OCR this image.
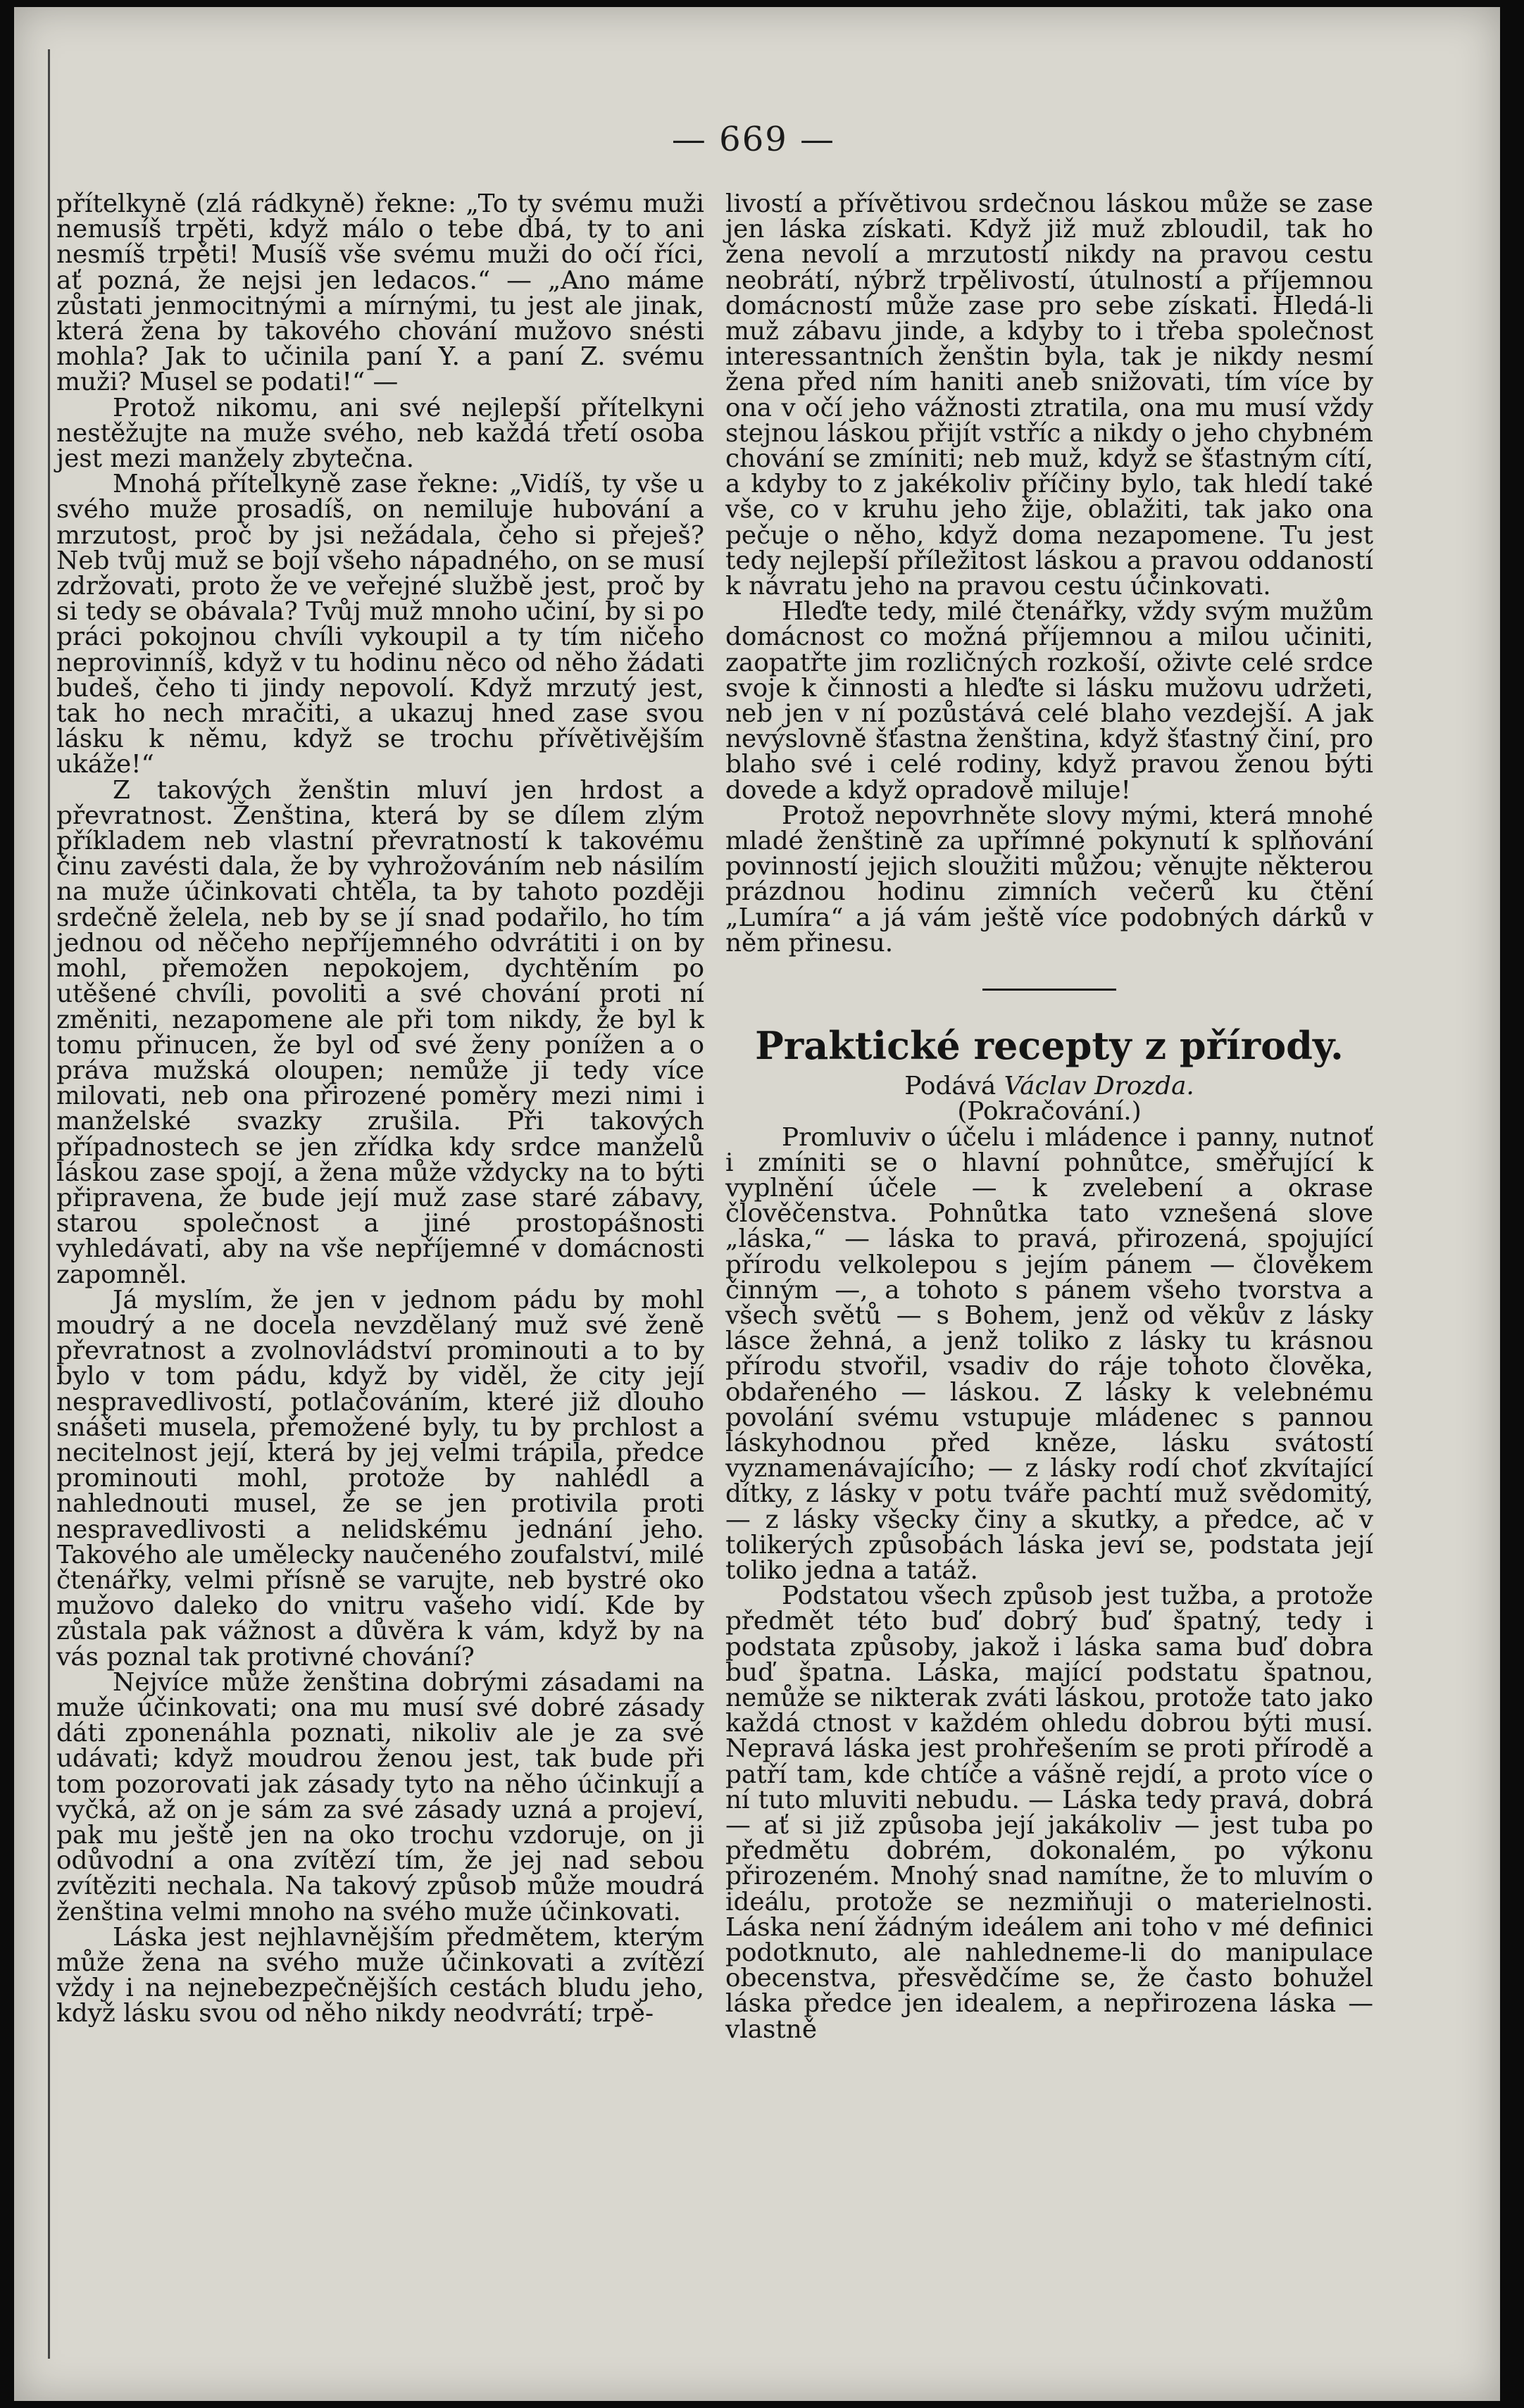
— 669 —

přítelkyně (zlá rádkyně) řekne: „To ty svému muži nemusíš trpěti, když málo o tebe dbá, ty to ani nesmíš trpěti! Musíš vše svému muži do očí říci, ať pozná, že nejsi jen ledacos.“ — „Ano máme zůstati jenmocitnými a mírnými, tu jest ale jinak, která žena by takového chování mužovo snésti mohla? Jak to učinila paní Y. a paní Z. svému muži? Musel se podati!“ —

Protož nikomu, ani své nejlepší přítelkyni nestěžujte na muže svého, neb každá třetí osoba jest mezi manžely zbytečna.

Mnohá přítelkyně zase řekne: „Vidíš, ty vše u svého muže prosadíš, on nemiluje hubování a mrzutost, proč by jsi nežádala, čeho si přeješ? Neb tvůj muž se bojí všeho nápadného, on se musí zdržovati, proto že ve veřejné službě jest, proč by si tedy se obávala? Tvůj muž mnoho učiní, by si po práci pokojnou chvíli vykoupil a ty tím ničeho neprovinníš, když v tu hodinu něco od něho žádati budeš, čeho ti jindy nepovolí. Když mrzutý jest, tak ho nech mračiti, a ukazuj hned zase svou lásku k němu, když se trochu přívětivějším ukáže!“

Z takových ženštin mluví jen hrdost a převratnost. Ženština, která by se dílem zlým příkladem neb vlastní převratností k takovému činu zavésti dala, že by vyhrožováním neb násilím na muže účinkovati chtěla, ta by tahoto později srdečně želela, neb by se jí snad podařilo, ho tím jednou od něčeho nepříjemného odvrátiti i on by mohl, přemožen nepokojem, dychtěním po utěšené chvíli, povoliti a své chování proti ní změniti, nezapomene ale při tom nikdy, že byl k tomu přinucen, že byl od své ženy ponížen a o práva mužská oloupen; nemůže ji tedy více milovati, neb ona přirozené poměry mezi nimi i manželské svazky zrušila. Při takových případnostech se jen zřídka kdy srdce manželů láskou zase spojí, a žena může vždycky na to býti připravena, že bude její muž zase staré zábavy, starou společnost a jiné prostopášnosti vyhledávati, aby na vše nepříjemné v domácnosti zapomněl.

Já myslím, že jen v jednom pádu by mohl moudrý a ne docela nevzdělaný muž své ženě převratnost a zvolnovládství prominouti a to by bylo v tom pádu, když by viděl, že city její nespravedlivostí, potlačováním, které již dlouho snášeti musela, přemožené byly, tu by prchlost a necitelnost její, která by jej velmi trápila, předce prominouti mohl, protože by nahlédl a nahlednouti musel, že se jen protivila proti nespravedlivosti a nelidskému jednání jeho. Takového ale umělecky naučeného zoufalství, milé čtenářky, velmi přísně se varujte, neb bystré oko mužovo daleko do vnitru vašeho vidí. Kde by zůstala pak vážnost a důvěra k vám, když by na vás poznal tak protivné chování?

Nejvíce může ženština dobrými zásadami na muže účinkovati; ona mu musí své dobré zásady dáti zponenáhla poznati, nikoliv ale je za své udávati; když moudrou ženou jest, tak bude při tom pozorovati jak zásady tyto na něho účinkují a vyčká, až on je sám za své zásady uzná a projeví, pak mu ještě jen na oko trochu vzdoruje, on ji odůvodní a ona zvítězí tím, že jej nad sebou zvítěziti nechala. Na takový způsob může moudrá ženština velmi mnoho na svého muže účinkovati.

Láska jest nejhlavnějším předmětem, kterým může žena na svého muže účinkovati a zvítězí vždy i na nejnebezpečnějších cestách bludu jeho, když lásku svou od něho nikdy neodvrátí; trpě-

livostí a přívětivou srdečnou láskou může se zase jen láska získati. Když již muž zbloudil, tak ho žena nevolí a mrzutostí nikdy na pravou cestu neobrátí, nýbrž trpělivostí, útulností a příjemnou domácností může zase pro sebe získati. Hledá-li muž zábavu jinde, a kdyby to i třeba společnost interessantních ženštin byla, tak je nikdy nesmí žena před ním haniti aneb snižovati, tím více by ona v očí jeho vážnosti ztratila, ona mu musí vždy stejnou láskou přijít vstříc a nikdy o jeho chybném chování se zmíniti; neb muž, když se šťastným cítí, a kdyby to z jakékoliv příčiny bylo, tak hledí také vše, co v kruhu jeho žije, oblažiti, tak jako ona pečuje o něho, když doma nezapomene. Tu jest tedy nejlepší příležitost láskou a pravou oddaností k návratu jeho na pravou cestu účinkovati.

Hleďte tedy, milé čtenářky, vždy svým mužům domácnost co možná příjemnou a milou učiniti, zaopatřte jim rozličných rozkoší, oživte celé srdce svoje k činnosti a hleďte si lásku mužovu udržeti, neb jen v ní pozůstává celé blaho vezdejší. A jak nevýslovně šťastna ženština, když šťastný činí, pro blaho své i celé rodiny, když pravou ženou býti dovede a když opradově miluje!

Protož nepovrhněte slovy mými, která mnohé mladé ženštině za upřímné pokynutí k splňování povinností jejich sloužiti můžou; věnujte některou prázdnou hodinu zimních večerů ku čtění „Lumíra“ a já vám ještě více podobných dárků v něm přinesu.

Praktické recepty z přírody.

Podává Václav Drozda.

(Pokračování.)

Promluviv o účelu i mládence i panny, nutnoť i zmíniti se o hlavní pohnůtce, směřující k vyplnění účele — k zvelebení a okrase člověčenstva. Pohnůtka tato vznešená slove „láska,“ — láska to pravá, přirozená, spojující přírodu velkolepou s jejím pánem — člověkem činným —, a tohoto s pánem všeho tvorstva a všech světů — s Bohem, jenž od věkův z lásky lásce žehná, a jenž toliko z lásky tu krásnou přírodu stvořil, vsadiv do ráje tohoto člověka, obdařeného — láskou. Z lásky k velebnému povolání svému vstupuje mládenec s pannou láskyhodnou před kněze, lásku svátostí vyznamenávajícího; — z lásky rodí choť zkvítající dítky, z lásky v potu tváře pachtí muž svědomitý, — z lásky všecky činy a skutky, a předce, ač v tolikerých způsobách láska jeví se, podstata její toliko jedna a tatáž.

Podstatou všech způsob jest tužba, a protože předmět této buď dobrý buď špatný, tedy i podstata způsoby, jakož i láska sama buď dobra buď špatna. Láska, mající podstatu špatnou, nemůže se nikterak zváti láskou, protože tato jako každá ctnost v každém ohledu dobrou býti musí. Nepravá láska jest prohřešením se proti přírodě a patří tam, kde chtíče a vášně rejdí, a proto více o ní tuto mluviti nebudu. — Láska tedy pravá, dobrá — ať si již způsoba její jakákoliv — jest tuba po předmětu dobrém, dokonalém, po výkonu přirozeném. Mnohý snad namítne, že to mluvím o ideálu, protože se nezmiňuji o materielnosti. Láska není žádným ideálem ani toho v mé definici podotknuto, ale nahledneme-li do manipulace obecenstva, přesvědčíme se, že často bohužel láska předce jen idealem, a nepřirozena láska — vlastně
